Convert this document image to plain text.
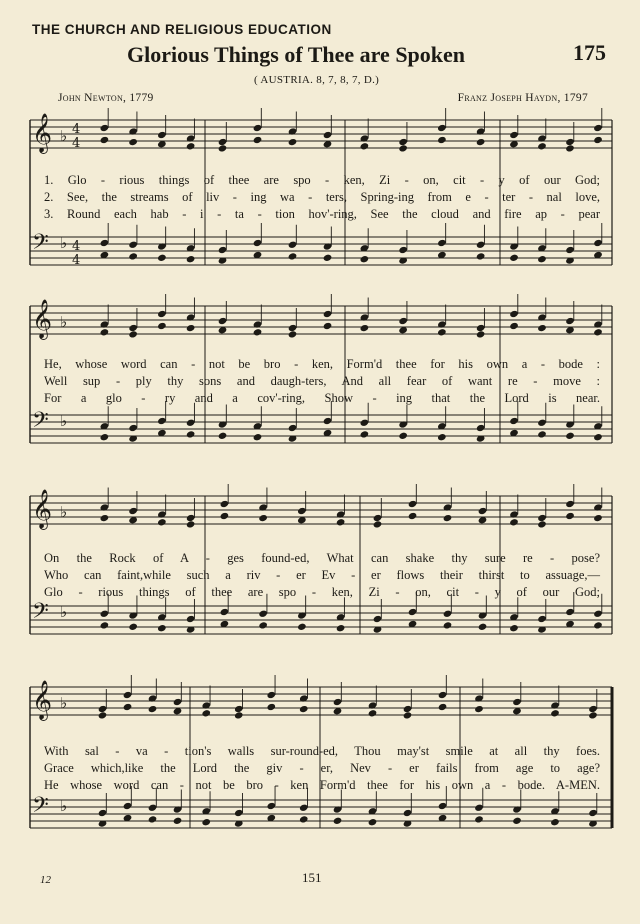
THE CHURCH AND RELIGIOUS EDUCATION
Glorious Things of Thee are Spoken	175
( AUSTRIA. 8, 7, 8, 7, D.)
John Newton, 1779	Franz Joseph Haydn, 1797
𝄞 ♭ 4
4
𝄢 ♭ 4
4
𝄞 ♭
𝄢 ♭
𝄞 ♭
𝄢 ♭
𝄞 ♭
𝄢 ♭
1. Glo - rious things of thee are spo - ken, Zi - on, cit - y of our God;
2. See, the streams of liv - ing wa - ters, Spring-ing from e - ter - nal love,
3. Round each hab - i - ta - tion hov'-ring, See the cloud and fire ap - pear
He, whose word can - not be bro - ken, Form'd thee for his own a - bode :
Well sup - ply thy sons and daugh-ters, And all fear of want re - move :
For a glo - ry and a cov'-ring, Show - ing that the Lord is near.
On the Rock of A - ges found-ed, What can shake thy sure re - pose?
Who can faint,while such a riv - er Ev - er flows their thirst to assuage,—
Glo - rious things of thee are spo - ken, Zi - on, cit - y of our God;
With sal - va - tion's walls sur-round-ed, Thou may'st smile at all thy foes.
Grace which,like the Lord the giv - er, Nev - er fails from age to age?
He whose word can - not be bro - ken Form'd thee for his own a - bode. A-MEN.
12	151
